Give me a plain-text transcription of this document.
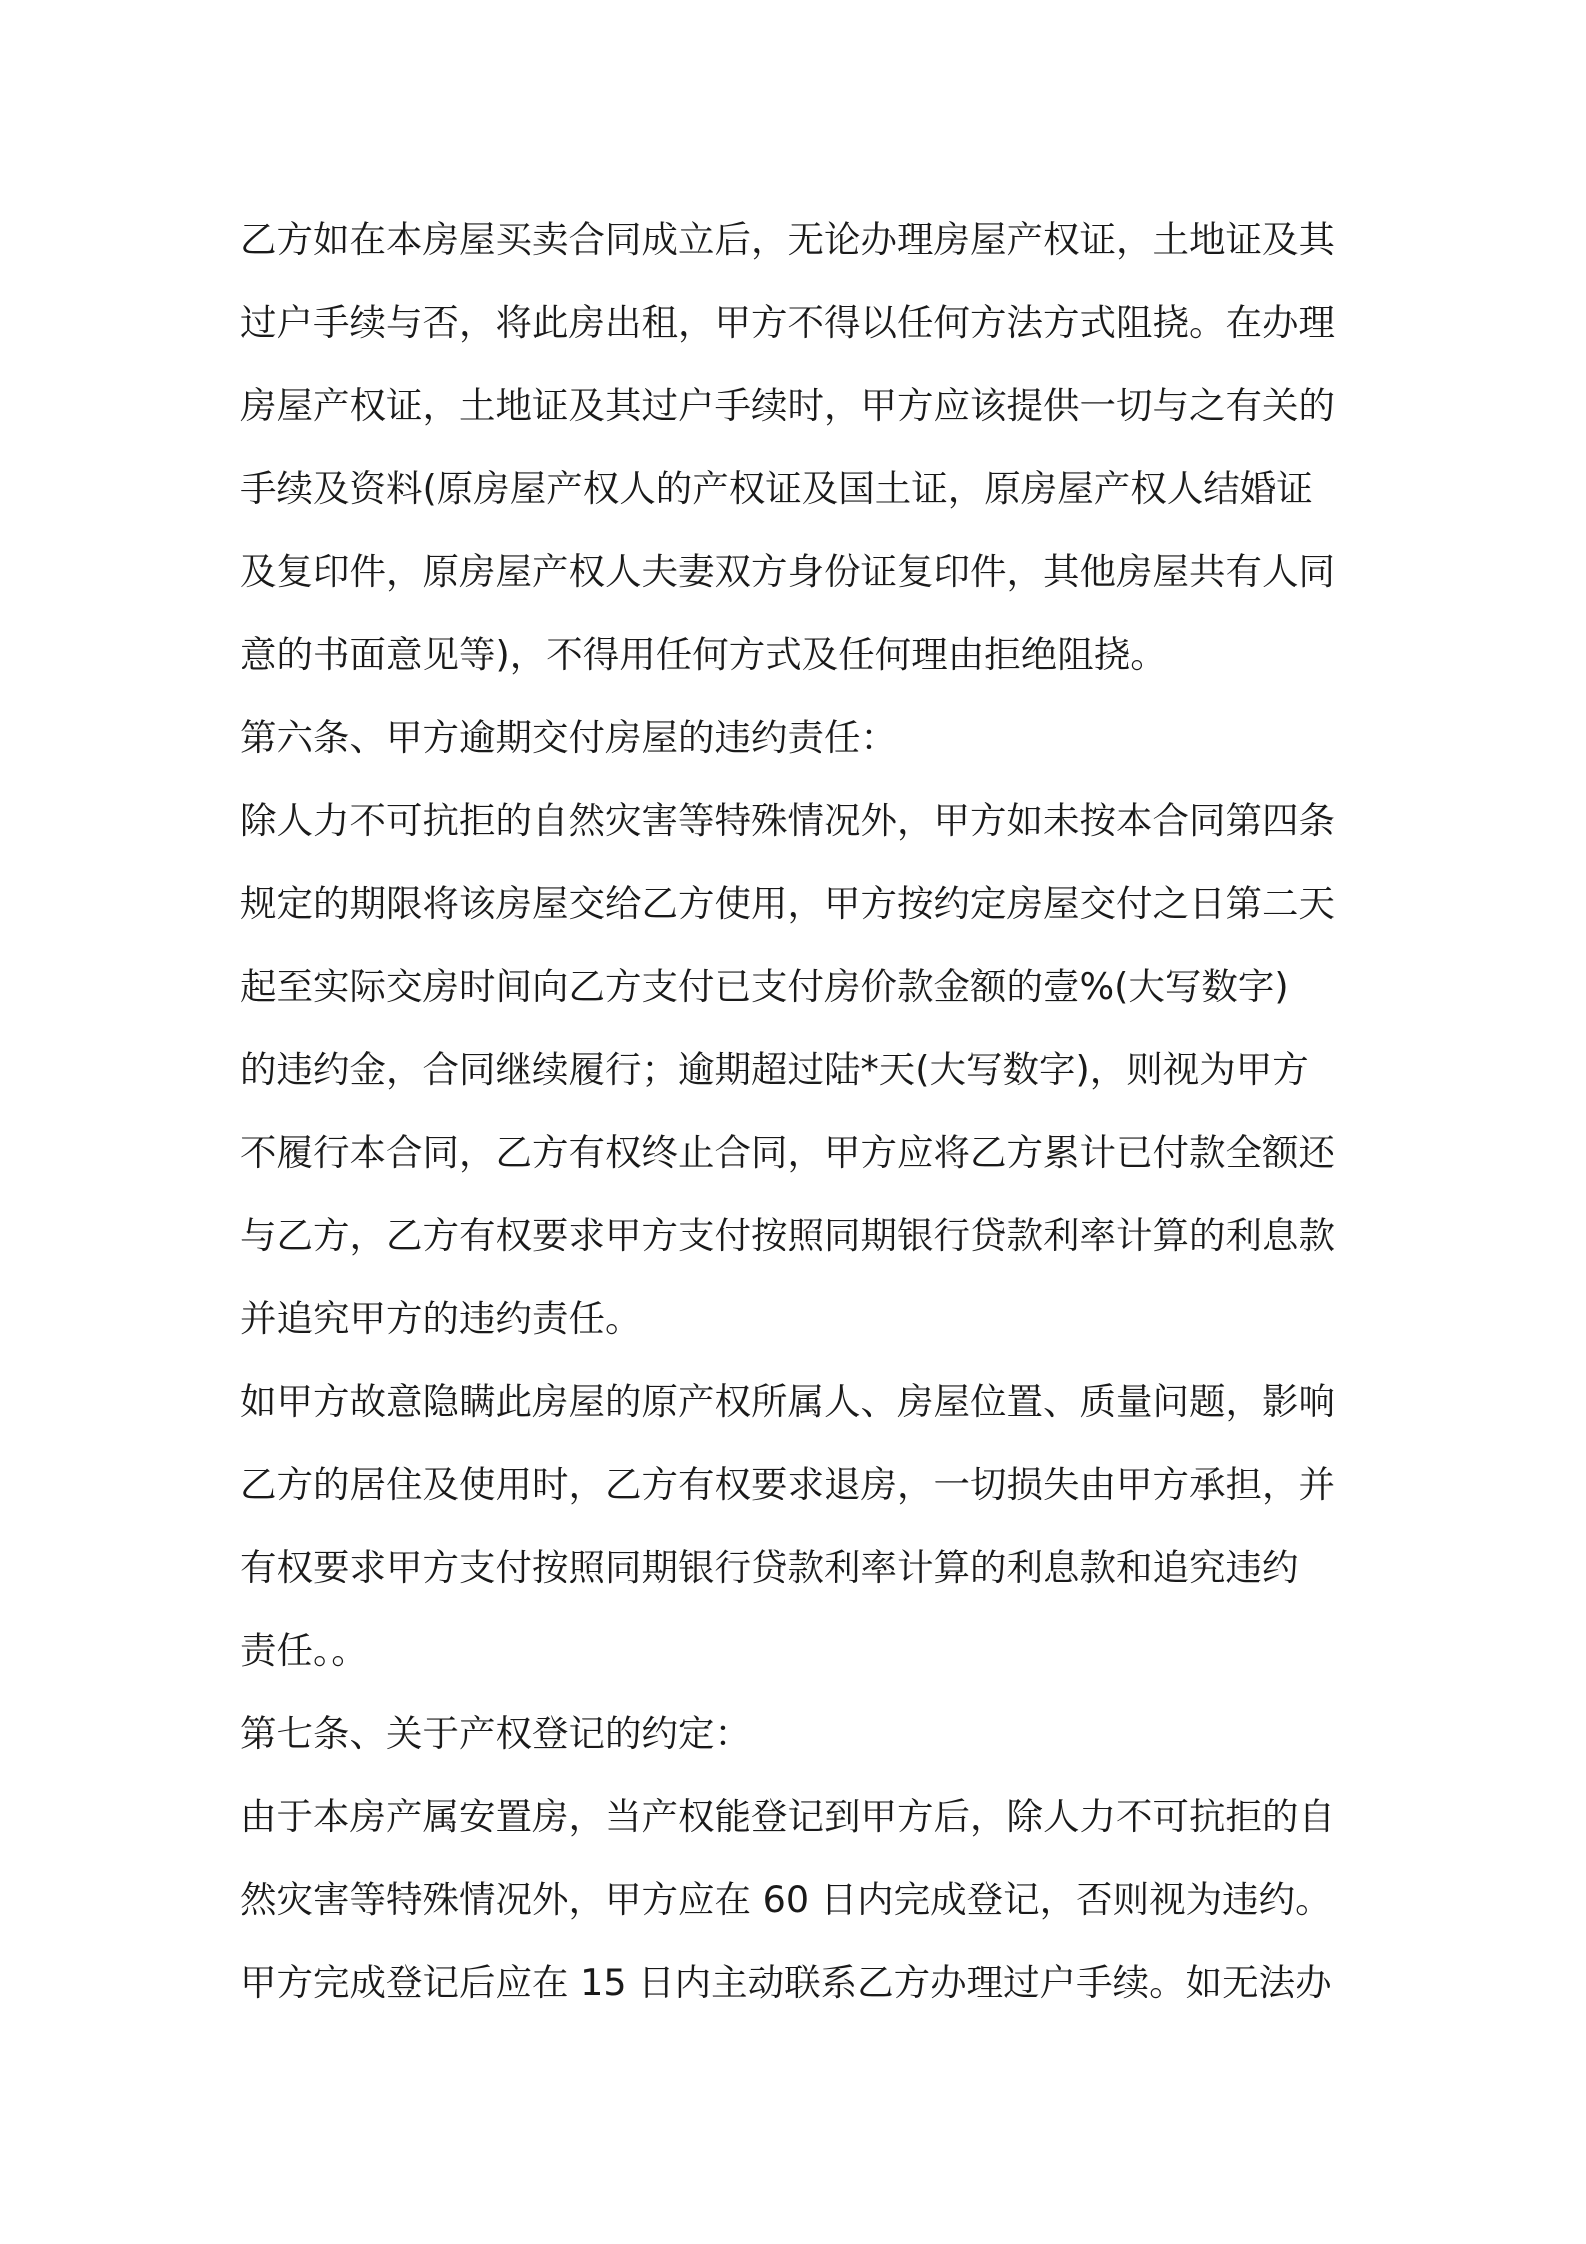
乙方如在本房屋买卖合同成立后，无论办理房屋产权证，土地证及其
过户手续与否，将此房出租，甲方不得以任何方法方式阻挠。在办理
房屋产权证，土地证及其过户手续时，甲方应该提供一切与之有关的
手续及资料(原房屋产权人的产权证及国土证，原房屋产权人结婚证
及复印件，原房屋产权人夫妻双方身份证复印件，其他房屋共有人同
意的书面意见等)，不得用任何方式及任何理由拒绝阻挠。
第六条、甲方逾期交付房屋的违约责任：
除人力不可抗拒的自然灾害等特殊情况外，甲方如未按本合同第四条
规定的期限将该房屋交给乙方使用，甲方按约定房屋交付之日第二天
起至实际交房时间向乙方支付已支付房价款金额的壹%(大写数字)
的违约金，合同继续履行；逾期超过陆*天(大写数字)，则视为甲方
不履行本合同，乙方有权终止合同，甲方应将乙方累计已付款全额还
与乙方，乙方有权要求甲方支付按照同期银行贷款利率计算的利息款
并追究甲方的违约责任。
如甲方故意隐瞒此房屋的原产权所属人、房屋位置、质量问题，影响
乙方的居住及使用时，乙方有权要求退房，一切损失由甲方承担，并
有权要求甲方支付按照同期银行贷款利率计算的利息款和追究违约
责任。。
第七条、关于产权登记的约定：
由于本房产属安置房，当产权能登记到甲方后，除人力不可抗拒的自
然灾害等特殊情况外，甲方应在 60 日内完成登记，否则视为违约。
甲方完成登记后应在 15 日内主动联系乙方办理过户手续。如无法办
